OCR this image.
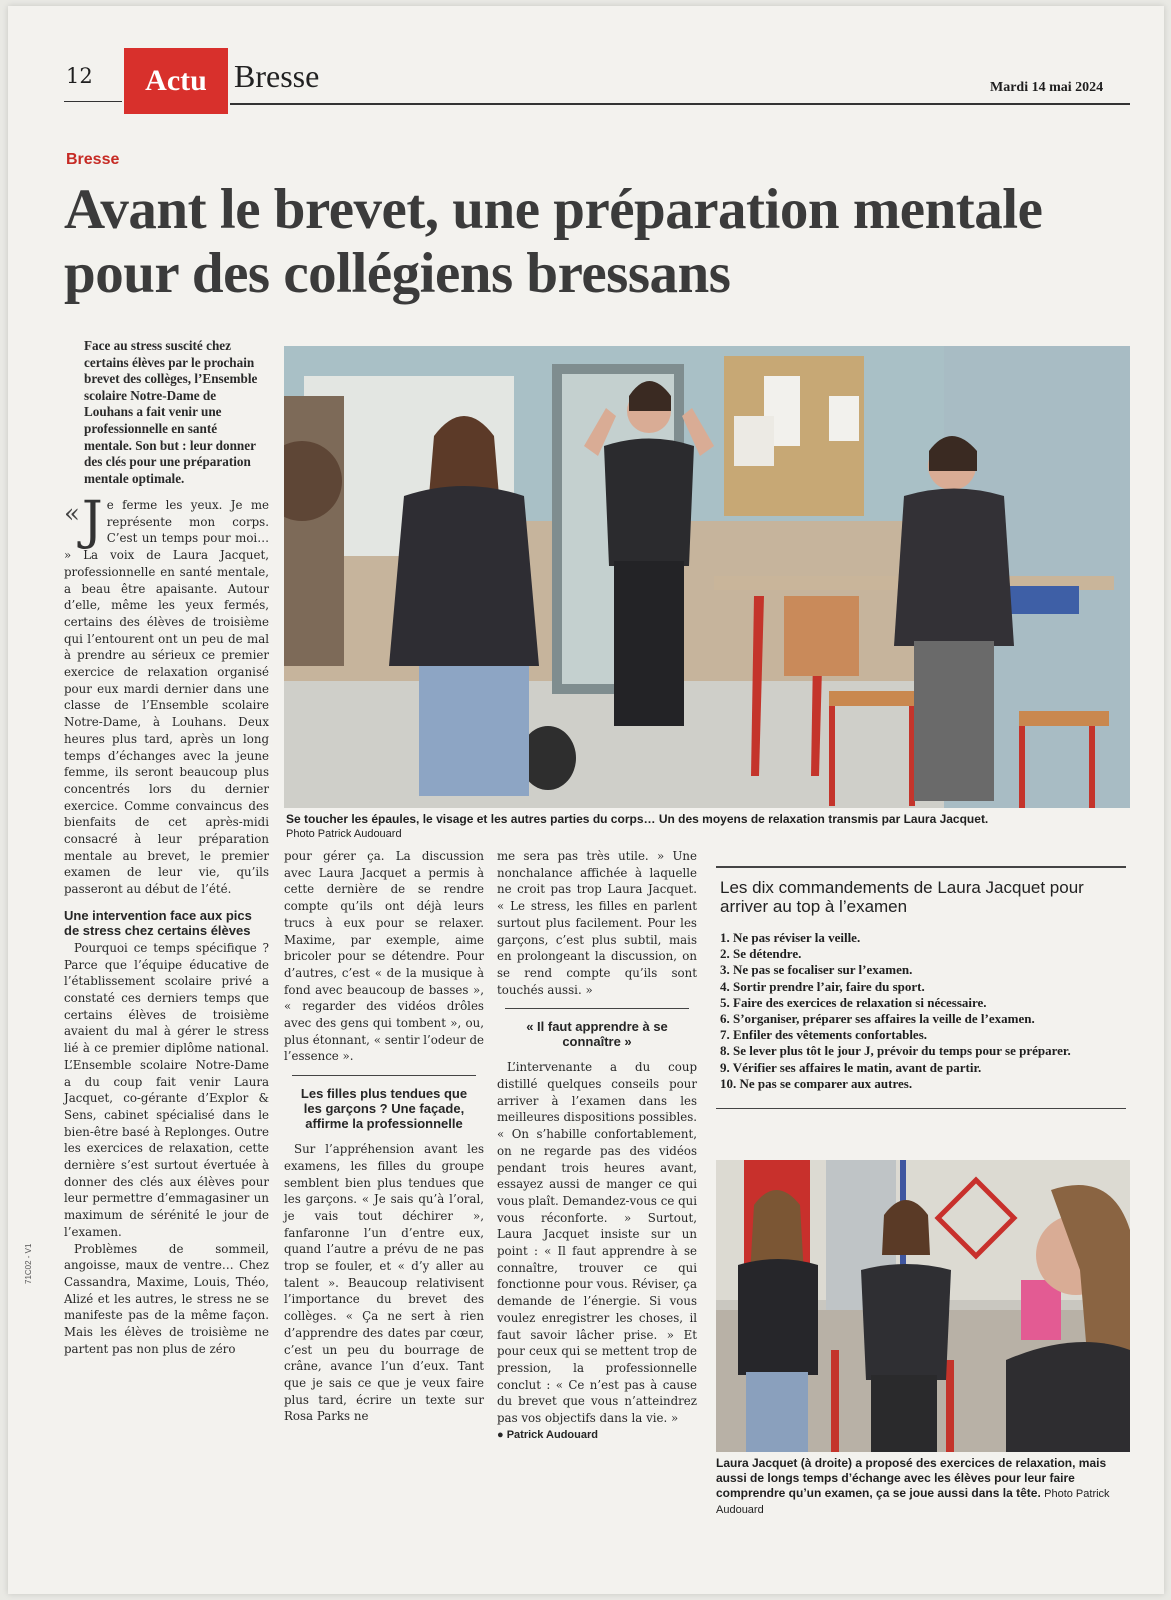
12	Actu Bresse	Mardi 14 mai 2024
Bresse
Avant le brevet, une préparation mentale pour des collégiens bressans
Face au stress suscité chez certains élèves par le prochain brevet des collèges, l’Ensemble scolaire Notre-Dame de Louhans a fait venir une professionnelle en santé mentale. Son but : leur donner des clés pour une préparation mentale optimale.
Se toucher les épaules, le visage et les autres parties du corps… Un des moyens de relaxation transmis par Laura Jacquet.
Photo Patrick Audouard

« J e ferme les yeux. Je me représente mon corps. C’est un temps pour moi… » La voix de Laura Jacquet, professionnelle en santé mentale, a beau être apaisante. Autour d’elle, même les yeux fermés, certains des élèves de troisième qui l’entourent ont un peu de mal à prendre au sérieux ce premier exercice de relaxation organisé pour eux mardi dernier dans une classe de l’Ensemble scolaire Notre-Dame, à Louhans. Deux heures plus tard, après un long temps d’échanges avec la jeune femme, ils seront beaucoup plus concentrés lors du dernier exercice. Comme convaincus des bienfaits de cet après-midi consacré à leur préparation mentale au brevet, le premier examen de leur vie, qu’ils passeront au début de l’été.

Une intervention face aux pics de stress chez certains élèves

Pourquoi ce temps spécifique ? Parce que l’équipe éducative de l’établissement scolaire privé a constaté ces derniers temps que certains élèves de troisième avaient du mal à gérer le stress lié à ce premier diplôme national. L’Ensemble scolaire Notre-Dame a du coup fait venir Laura Jacquet, co-gérante d’Explor & Sens, cabinet spécialisé dans le bien-être basé à Replonges. Outre les exercices de relaxation, cette dernière s’est surtout évertuée à donner des clés aux élèves pour leur permettre d’emmagasiner un maximum de sérénité le jour de l’examen.

Problèmes de sommeil, angoisse, maux de ventre… Chez Cassandra, Maxime, Louis, Théo, Alizé et les autres, le stress ne se manifeste pas de la même façon. Mais les élèves de troisième ne partent pas non plus de zéro

pour gérer ça. La discussion avec Laura Jacquet a permis à cette dernière de se rendre compte qu’ils ont déjà leurs trucs à eux pour se relaxer. Maxime, par exemple, aime bricoler pour se détendre. Pour d’autres, c’est « de la musique à fond avec beaucoup de basses », « regarder des vidéos drôles avec des gens qui tombent », ou, plus étonnant, « sentir l’odeur de l’essence ».

Les filles plus tendues que les garçons ? Une façade, affirme la professionnelle

Sur l’appréhension avant les examens, les filles du groupe semblent bien plus tendues que les garçons. « Je sais qu’à l’oral, je vais tout déchirer », fanfaronne l’un d’entre eux, quand l’autre a prévu de ne pas trop se fouler, et « d’y aller au talent ». Beaucoup relativisent l’importance du brevet des collèges. « Ça ne sert à rien d’apprendre des dates par cœur, c’est un peu du bourrage de crâne, avance l’un d’eux. Tant que je sais ce que je veux faire plus tard, écrire un texte sur Rosa Parks ne

me sera pas très utile. » Une nonchalance affichée à laquelle ne croit pas trop Laura Jacquet. « Le stress, les filles en parlent surtout plus facilement. Pour les garçons, c’est plus subtil, mais en prolongeant la discussion, on se rend compte qu’ils sont touchés aussi. »

« Il faut apprendre à se connaître »

L’intervenante a du coup distillé quelques conseils pour arriver à l’examen dans les meilleures dispositions possibles. « On s’habille confortablement, on ne regarde pas des vidéos pendant trois heures avant, essayez aussi de manger ce qui vous plaît. Demandez-vous ce qui vous réconforte. » Surtout, Laura Jacquet insiste sur un point : « Il faut apprendre à se connaître, trouver ce qui fonctionne pour vous. Réviser, ça demande de l’énergie. Si vous voulez enregistrer les choses, il faut savoir lâcher prise. » Et pour ceux qui se mettent trop de pression, la professionnelle conclut : « Ce n’est pas à cause du brevet que vous n’atteindrez pas vos objectifs dans la vie. »

● Patrick Audouard
Les dix commandements de Laura Jacquet pour arriver au top à l’examen
1. Ne pas réviser la veille.
2. Se détendre.
3. Ne pas se focaliser sur l’examen.
4. Sortir prendre l’air, faire du sport.
5. Faire des exercices de relaxation si nécessaire.
6. S’organiser, préparer ses affaires la veille de l’examen.
7. Enfiler des vêtements confortables.
8. Se lever plus tôt le jour J, prévoir du temps pour se préparer.
9. Vérifier ses affaires le matin, avant de partir.
10. Ne pas se comparer aux autres.
Laura Jacquet (à droite) a proposé des exercices de relaxation, mais aussi de longs temps d’échange avec les élèves pour leur faire comprendre qu’un examen, ça se joue aussi dans la tête. Photo Patrick Audouard
71C02 - V1
